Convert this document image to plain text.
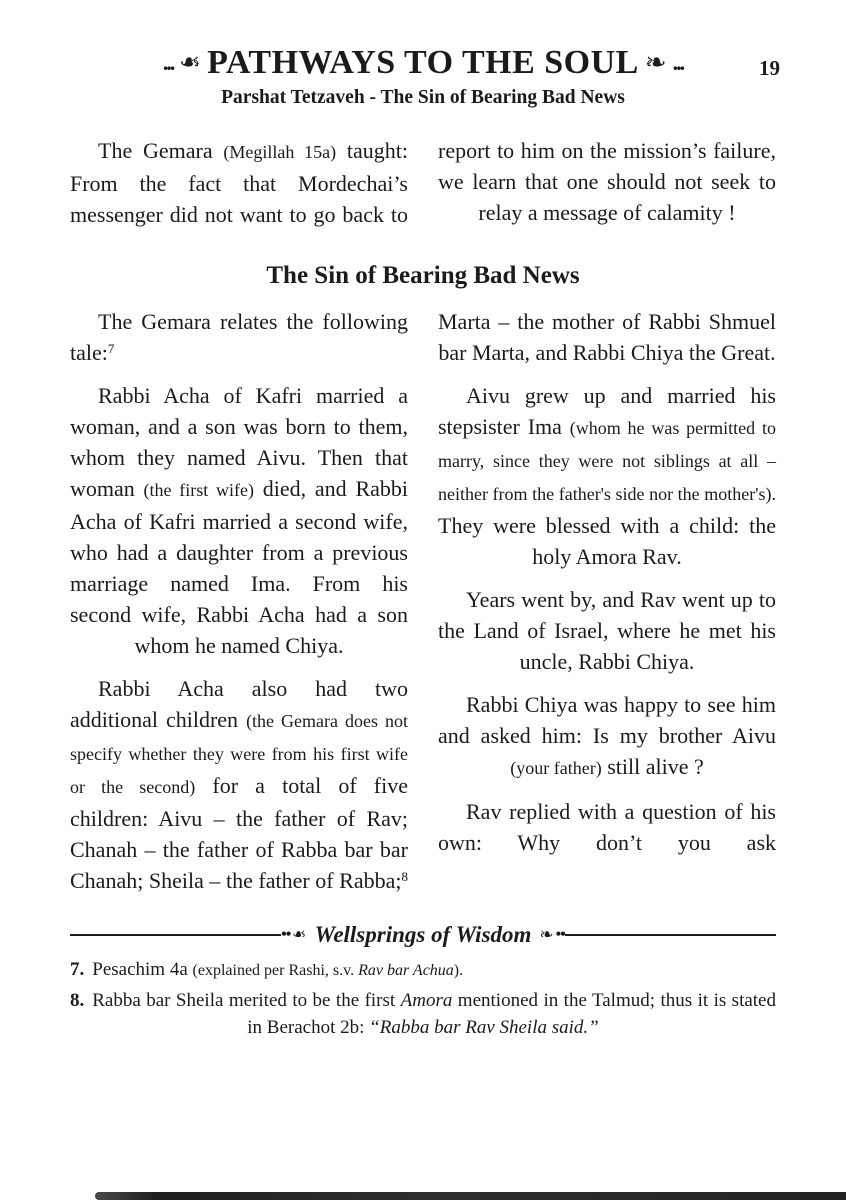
... ❧ PATHWAYS TO THE SOUL ❧ ...
Parshat Tetzaveh - The Sin of Bearing Bad News
19

The Gemara (Megillah 15a) taught: From the fact that Mordechai’s messenger did not want to go back to

report to him on the mission’s failure, we learn that one should not seek to relay a message of calamity !

The Sin of Bearing Bad News

The Gemara relates the following tale:$^7$

Rabbi Acha of Kafri married a woman, and a son was born to them, whom they named Aivu. Then that woman (the first wife) died, and Rabbi Acha of Kafri married a second wife, who had a daughter from a previous marriage named Ima. From his second wife, Rabbi Acha had a son whom he named Chiya.

Rabbi Acha also had two additional children (the Gemara does not specify whether they were from his first wife or the second) for a total of five children: Aivu – the father of Rav; Chanah – the father of Rabba bar bar Chanah; Sheila – the father of Rabba;$^8$

Marta – the mother of Rabbi Shmuel bar Marta, and Rabbi Chiya the Great.

Aivu grew up and married his stepsister Ima (whom he was permitted to marry, since they were not siblings at all – neither from the father's side nor the mother's). They were blessed with a child: the holy Amora Rav.

Years went by, and Rav went up to the Land of Israel, where he met his uncle, Rabbi Chiya.

Rabbi Chiya was happy to see him and asked him: Is my brother Aivu (your father) still alive ?

Rav replied with a question of his own: Why don’t you ask

•• ❧ Wellsprings of Wisdom ❧ ••

7. Pesachim 4a (explained per Rashi, s.v. Rav bar Achua).

8. Rabba bar Sheila merited to be the first Amora mentioned in the Talmud; thus it is stated in Berachot 2b: “Rabba bar Rav Sheila said.”
